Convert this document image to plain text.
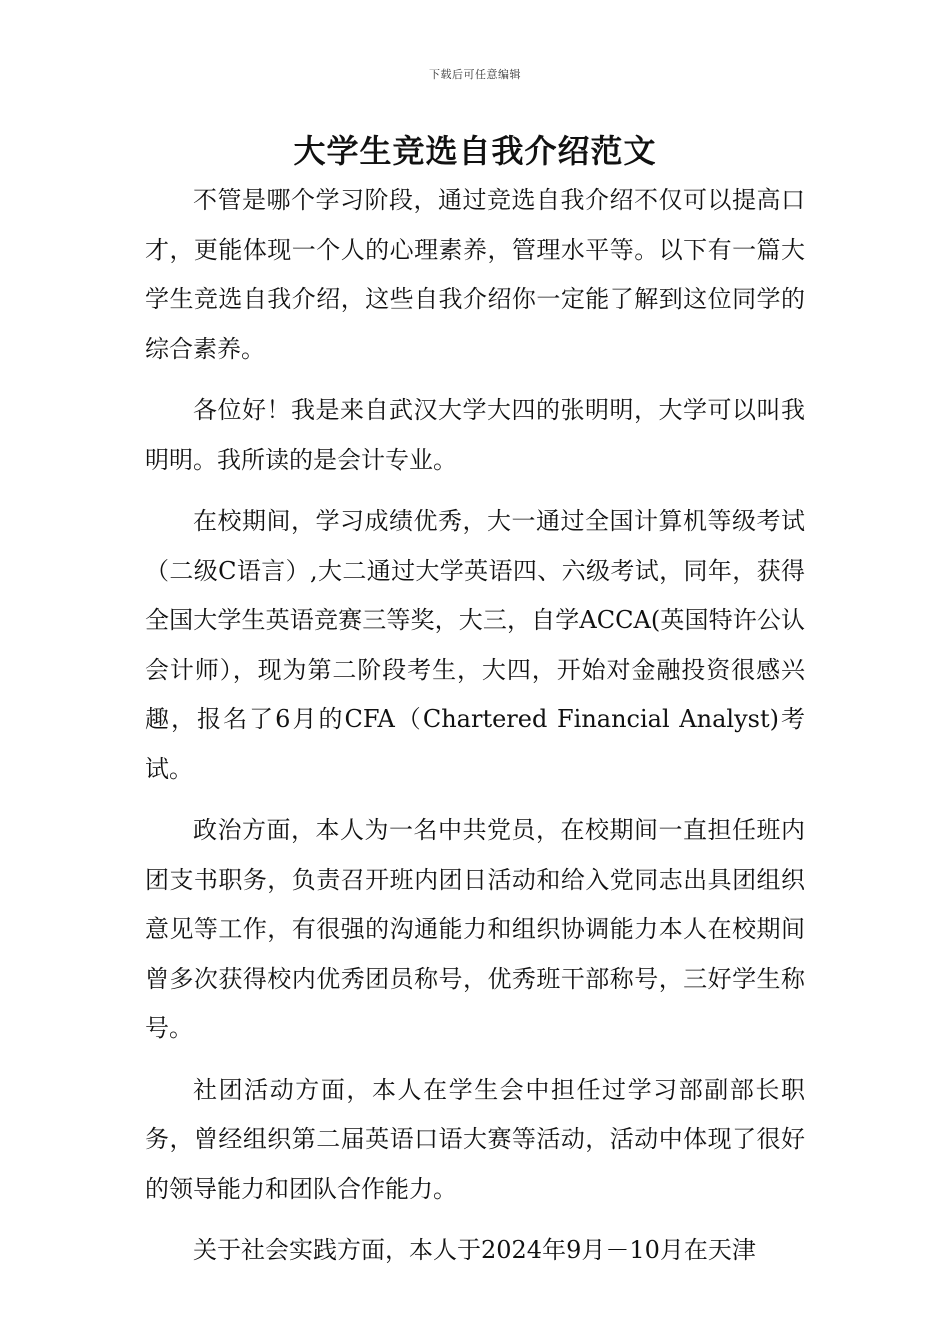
下载后可任意编辑
大学生竞选自我介绍范文

不管是哪个学习阶段，通过竞选自我介绍不仅可以提高口才，更能体现一个人的心理素养，管理水平等。以下有一篇大学生竞选自我介绍，这些自我介绍你一定能了解到这位同学的综合素养。

各位好！我是来自武汉大学大四的张明明，大学可以叫我明明。我所读的是会计专业。

在校期间，学习成绩优秀，大一通过全国计算机等级考试（二级C语言）,大二通过大学英语四、六级考试，同年，获得全国大学生英语竞赛三等奖，大三，自学ACCA(英国特许公认会计师），现为第二阶段考生，大四，开始对金融投资很感兴趣，报名了6月的CFA（Chartered Financial Analyst)考试。

政治方面，本人为一名中共党员，在校期间一直担任班内团支书职务，负责召开班内团日活动和给入党同志出具团组织意见等工作，有很强的沟通能力和组织协调能力本人在校期间曾多次获得校内优秀团员称号，优秀班干部称号，三好学生称号。

社团活动方面，本人在学生会中担任过学习部副部长职务，曾经组织第二届英语口语大赛等活动，活动中体现了很好的领导能力和团队合作能力。

关于社会实践方面，本人于2024年9月－10月在天津
